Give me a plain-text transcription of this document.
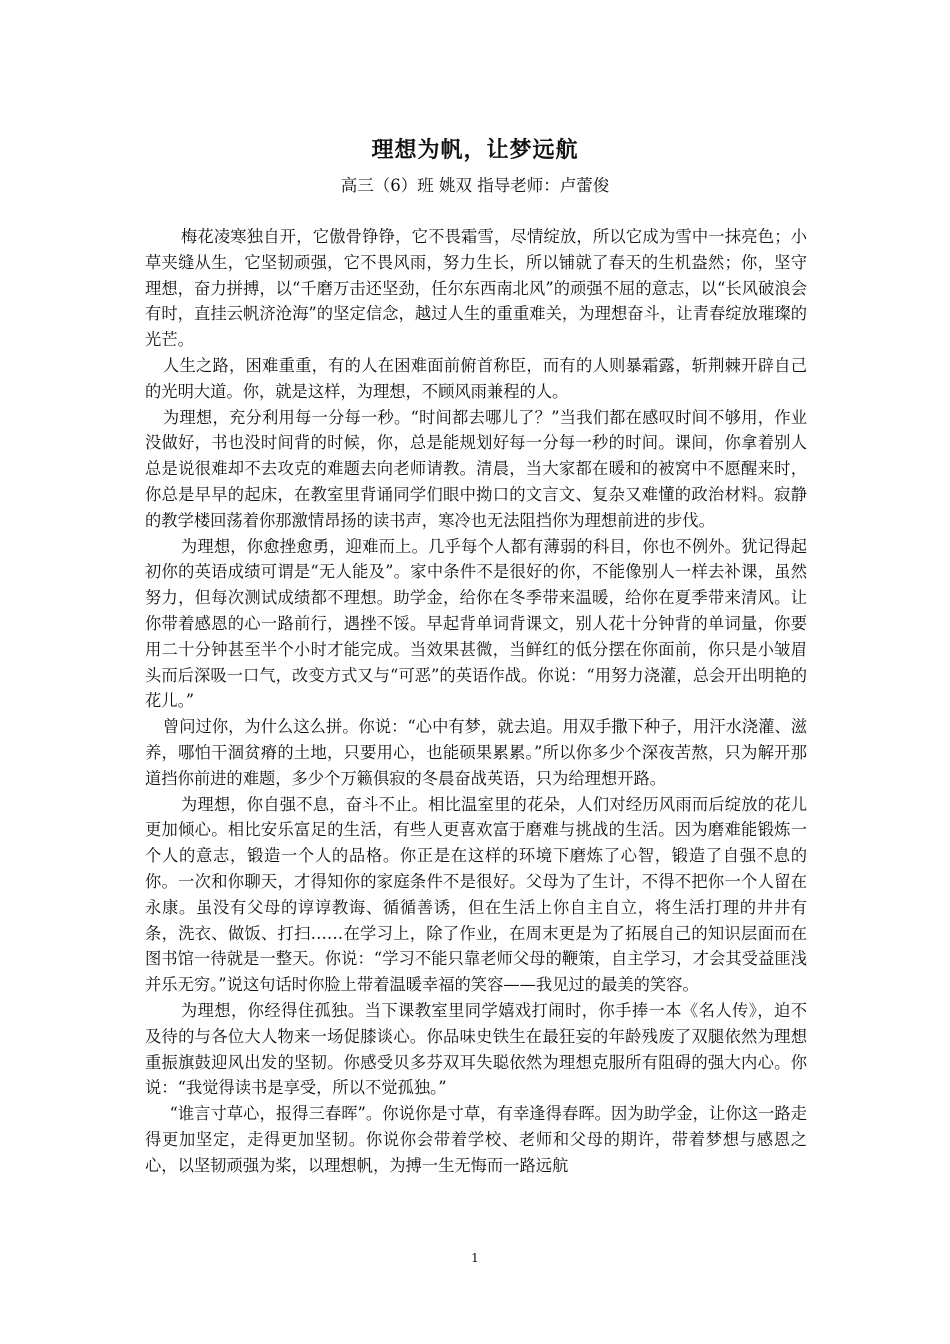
理想为帆，让梦远航
高三（6）班 姚双 指导老师：卢蕾俊

梅花凌寒独自开，它傲骨铮铮，它不畏霜雪，尽情绽放，所以它成为雪中一抹亮色；小草夹缝从生，它坚韧顽强，它不畏风雨，努力生长，所以铺就了春天的生机盎然；你，坚守理想，奋力拼搏，以“千磨万击还坚劲，任尔东西南北风”的顽强不屈的意志，以“长风破浪会有时，直挂云帆济沧海”的坚定信念，越过人生的重重难关，为理想奋斗，让青春绽放璀璨的光芒。

人生之路，困难重重，有的人在困难面前俯首称臣，而有的人则暴霜露，斩荆棘开辟自己的光明大道。你，就是这样，为理想，不顾风雨兼程的人。

为理想，充分利用每一分每一秒。“时间都去哪儿了？”当我们都在感叹时间不够用，作业没做好，书也没时间背的时候，你，总是能规划好每一分每一秒的时间。课间，你拿着别人总是说很难却不去攻克的难题去向老师请教。清晨，当大家都在暖和的被窝中不愿醒来时，你总是早早的起床，在教室里背诵同学们眼中拗口的文言文、复杂又难懂的政治材料。寂静的教学楼回荡着你那激情昂扬的读书声，寒冷也无法阻挡你为理想前进的步伐。

为理想，你愈挫愈勇，迎难而上。几乎每个人都有薄弱的科目，你也不例外。犹记得起初你的英语成绩可谓是“无人能及”。家中条件不是很好的你，不能像别人一样去补课，虽然努力，但每次测试成绩都不理想。助学金，给你在冬季带来温暖，给你在夏季带来清风。让你带着感恩的心一路前行，遇挫不馁。早起背单词背课文，别人花十分钟背的单词量，你要用二十分钟甚至半个小时才能完成。当效果甚微，当鲜红的低分摆在你面前，你只是小皱眉头而后深吸一口气，改变方式又与“可恶”的英语作战。你说：“用努力浇灌，总会开出明艳的花儿。”

曾问过你，为什么这么拼。你说：“心中有梦，就去追。用双手撒下种子，用汗水浇灌、滋养，哪怕干涸贫瘠的土地，只要用心，也能硕果累累。”所以你多少个深夜苦熬，只为解开那道挡你前进的难题，多少个万籁俱寂的冬晨奋战英语，只为给理想开路。

为理想，你自强不息，奋斗不止。相比温室里的花朵，人们对经历风雨而后绽放的花儿更加倾心。相比安乐富足的生活，有些人更喜欢富于磨难与挑战的生活。因为磨难能锻炼一个人的意志，锻造一个人的品格。你正是在这样的环境下磨炼了心智，锻造了自强不息的你。一次和你聊天，才得知你的家庭条件不是很好。父母为了生计，不得不把你一个人留在永康。虽没有父母的谆谆教诲、循循善诱，但在生活上你自主自立，将生活打理的井井有条，洗衣、做饭、打扫……在学习上，除了作业，在周末更是为了拓展自己的知识层面而在图书馆一待就是一整天。你说：“学习不能只靠老师父母的鞭策，自主学习，才会其受益匪浅并乐无穷。”说这句话时你脸上带着温暖幸福的笑容——我见过的最美的笑容。

为理想，你经得住孤独。当下课教室里同学嬉戏打闹时，你手捧一本《名人传》，迫不及待的与各位大人物来一场促膝谈心。你品味史铁生在最狂妄的年龄残废了双腿依然为理想重振旗鼓迎风出发的坚韧。你感受贝多芬双耳失聪依然为理想克服所有阻碍的强大内心。你说：“我觉得读书是享受，所以不觉孤独。”

“谁言寸草心，报得三春晖”。你说你是寸草，有幸逢得春晖。因为助学金，让你这一路走得更加坚定，走得更加坚韧。你说你会带着学校、老师和父母的期许，带着梦想与感恩之心，以坚韧顽强为桨，以理想帆，为搏一生无悔而一路远航

1
